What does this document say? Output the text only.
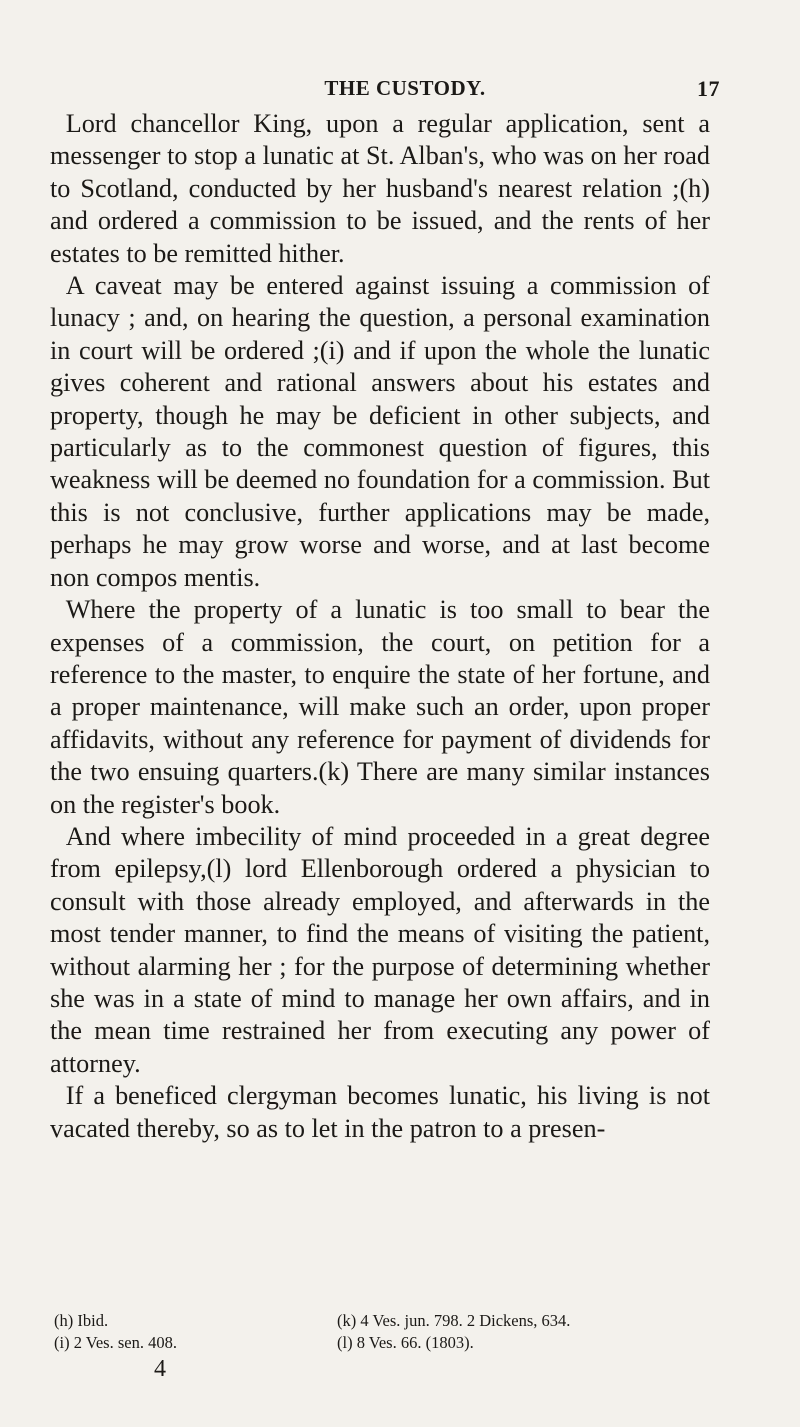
THE CUSTODY.	17

Lord chancellor King, upon a regular application, sent a messenger to stop a lunatic at St. Alban's, who was on her road to Scotland, conducted by her husband's nearest relation ;(h) and ordered a commission to be issued, and the rents of her estates to be remitted hither.

A caveat may be entered against issuing a commission of lunacy ; and, on hearing the question, a personal examination in court will be ordered ;(i) and if upon the whole the lunatic gives coherent and rational answers about his estates and property, though he may be deficient in other subjects, and particularly as to the commonest question of figures, this weakness will be deemed no foundation for a commission. But this is not conclusive, further applications may be made, perhaps he may grow worse and worse, and at last become non compos mentis.

Where the property of a lunatic is too small to bear the expenses of a commission, the court, on petition for a reference to the master, to enquire the state of her fortune, and a proper maintenance, will make such an order, upon proper affidavits, without any reference for payment of dividends for the two ensuing quarters.(k) There are many similar instances on the register's book.

And where imbecility of mind proceeded in a great degree from epilepsy,(l) lord Ellenborough ordered a physician to consult with those already employed, and afterwards in the most tender manner, to find the means of visiting the patient, without alarming her ; for the purpose of determining whether she was in a state of mind to manage her own affairs, and in the mean time restrained her from executing any power of attorney.

If a beneficed clergyman becomes lunatic, his living is not vacated thereby, so as to let in the patron to a presen-

(h) Ibid.
(i) 2 Ves. sen. 408.
(k) 4 Ves. jun. 798. 2 Dickens, 634.
(l) 8 Ves. 66. (1803).
4
